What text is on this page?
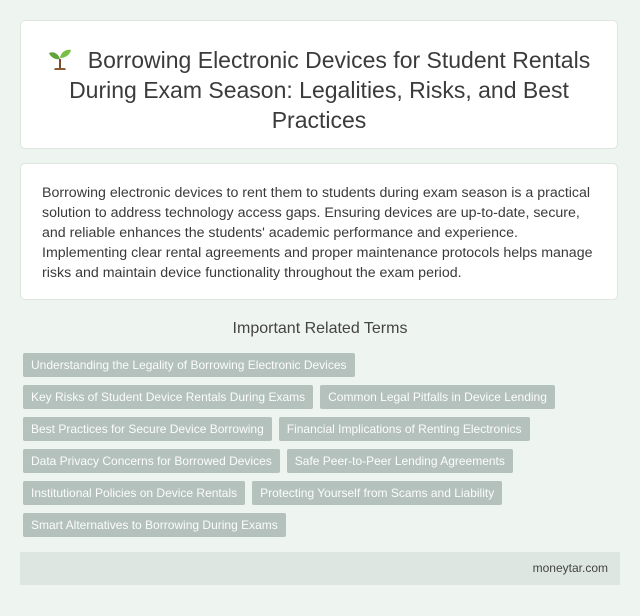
Borrowing Electronic Devices for Student Rentals During Exam Season: Legalities, Risks, and Best Practices
Borrowing electronic devices to rent them to students during exam season is a practical solution to address technology access gaps. Ensuring devices are up-to-date, secure, and reliable enhances the students' academic performance and experience. Implementing clear rental agreements and proper maintenance protocols helps manage risks and maintain device functionality throughout the exam period.
Important Related Terms
Understanding the Legality of Borrowing Electronic Devices
Key Risks of Student Device Rentals During Exams	Common Legal Pitfalls in Device Lending
Best Practices for Secure Device Borrowing	Financial Implications of Renting Electronics
Data Privacy Concerns for Borrowed Devices	Safe Peer-to-Peer Lending Agreements
Institutional Policies on Device Rentals	Protecting Yourself from Scams and Liability
Smart Alternatives to Borrowing During Exams
moneytar.com
